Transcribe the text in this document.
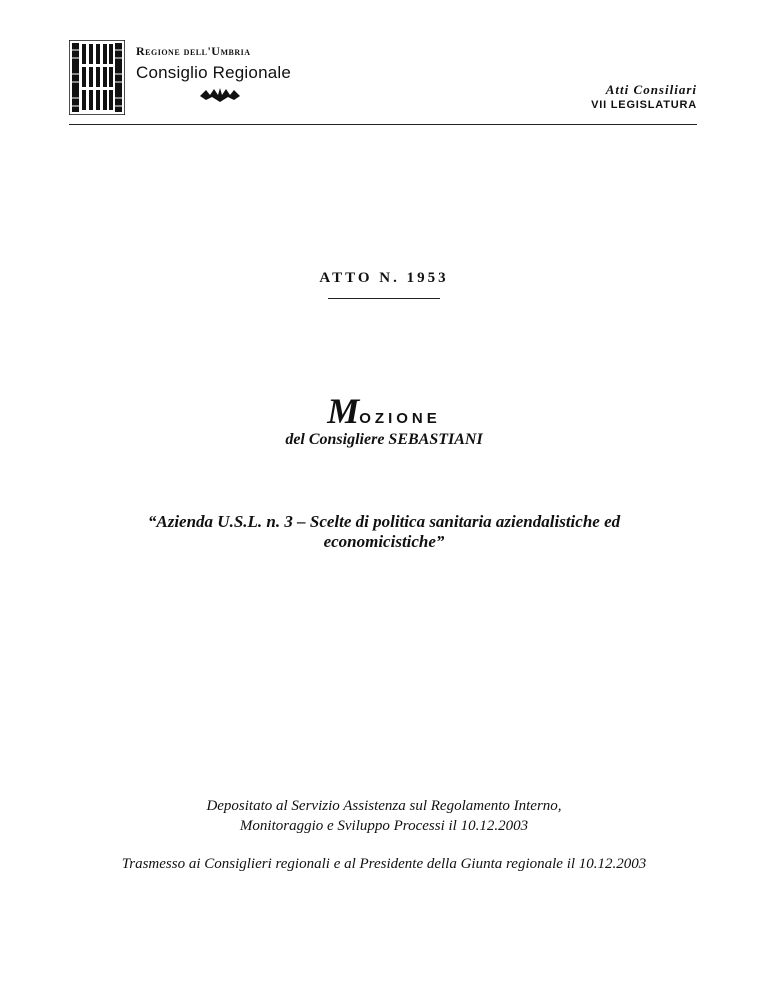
Regione dell'Umbria
Consiglio Regionale
Atti Consiliari
VII LEGISLATURA
ATTO N. 1953
MOZIONE
del Consigliere SEBASTIANI
“Azienda U.S.L. n. 3 – Scelte di politica sanitaria aziendalistiche ed
economicistiche”
Depositato al Servizio Assistenza sul Regolamento Interno,
Monitoraggio e Sviluppo Processi il 10.12.2003
Trasmesso ai Consiglieri regionali e al Presidente della Giunta regionale il 10.12.2003
